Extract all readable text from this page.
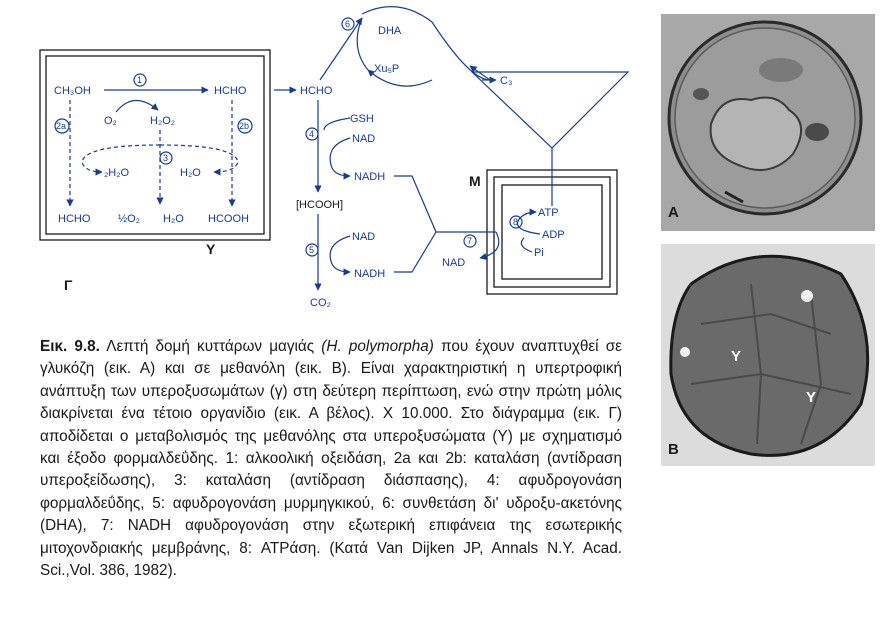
Γ
Υ
Μ
CH₃OH
1
HCHO
O₂	H₂O₂
2a	2b
3
₂H₂O	H₂O
HCHO	½O₂ H₂O HCOOH
HCHO
6
DHA
Xu₅P
C₃
4
GSH
NAD
NADH
[HCOOH]
5
NAD
NADH
CO₂
7
NAD
ATP
ADP
Pi
8

Εικ. 9.8. Λεπτή δομή κυττάρων μαγιάς (H. polymorpha) που έχουν αναπτυχθεί σε γλυκόζη (εικ. Α) και σε μεθανόλη (εικ. Β). Είναι χαρακτηριστική η υπερτροφική ανάπτυξη των υπεροξυσωμάτων (γ) στη δεύτερη περίπτωση, ενώ στην πρώτη μόλις διακρίνεται ένα τέτοιο οργανίδιο (εικ. Α βέλος). Χ 10.000. Στο διάγραμμα (εικ. Γ) αποδίδεται ο μεταβολισμός της μεθανόλης στα υπεροξυσώματα (Υ) με σχηματισμό και έξοδο φορμαλδεΰδης. 1: αλκοολική οξειδάση, 2a και 2b: καταλάση (αντίδραση υπεροξείδωσης), 3: καταλάση (αντίδραση διάσπασης), 4: αφυδρογονάση φορμαλδεΰδης, 5: αφυδρογονάση μυρμηγκικού, 6: συνθετάση δι' υδροξυ-ακετόνης (DHA), 7: NADH αφυδρογονάση στην εξωτερική επιφάνεια της εσωτερικής μιτοχονδριακής μεμβράνης, 8: ATPάση. (Κατά Van Dijken JP, Annals N.Y. Acad. Sci.,Vol. 386, 1982).

A
B
Y
Y
